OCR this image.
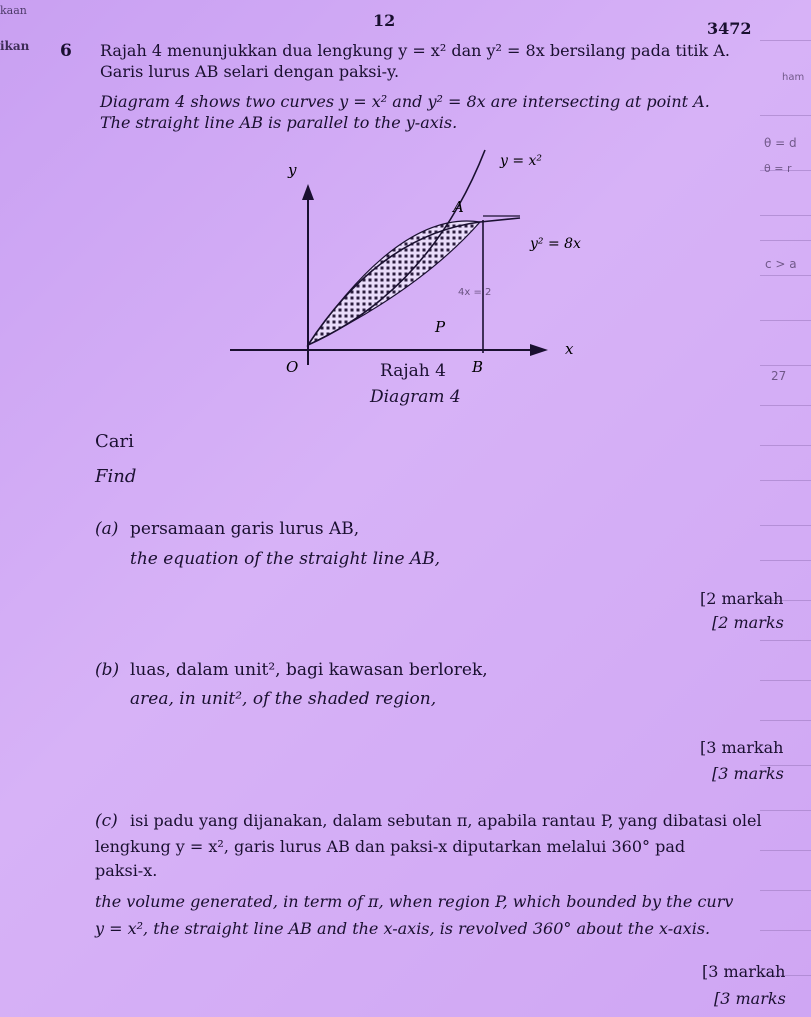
kaan
ikan
12	3472
ham
θ = d
θ = r
c > a
27
6 Rajah 4 menunjukkan dua lengkung y = x² dan y² = 8x bersilang pada titik A.
Garis lurus AB selari dengan paksi-y.
Diagram 4 shows two curves y = x² and y² = 8x are intersecting at point A.
The straight line AB is parallel to the y-axis.
y
x
y = x²
y² = 8x
A
O	B
P
4x = 2
Rajah 4
Diagram 4
Cari
Find
(a) persamaan garis lurus AB,
the equation of the straight line AB,
[2 markah
[2 marks
(b) luas, dalam unit², bagi kawasan berlorek,
area, in unit², of the shaded region,
[3 markah
[3 marks
(c) isi padu yang dijanakan, dalam sebutan π, apabila rantau P, yang dibatasi olel
lengkung y = x², garis lurus AB dan paksi-x diputarkan melalui 360° pad
paksi-x.
the volume generated, in term of π, when region P, which bounded by the curv
y = x², the straight line AB and the x-axis, is revolved 360° about the x-axis.
[3 markah
[3 marks
